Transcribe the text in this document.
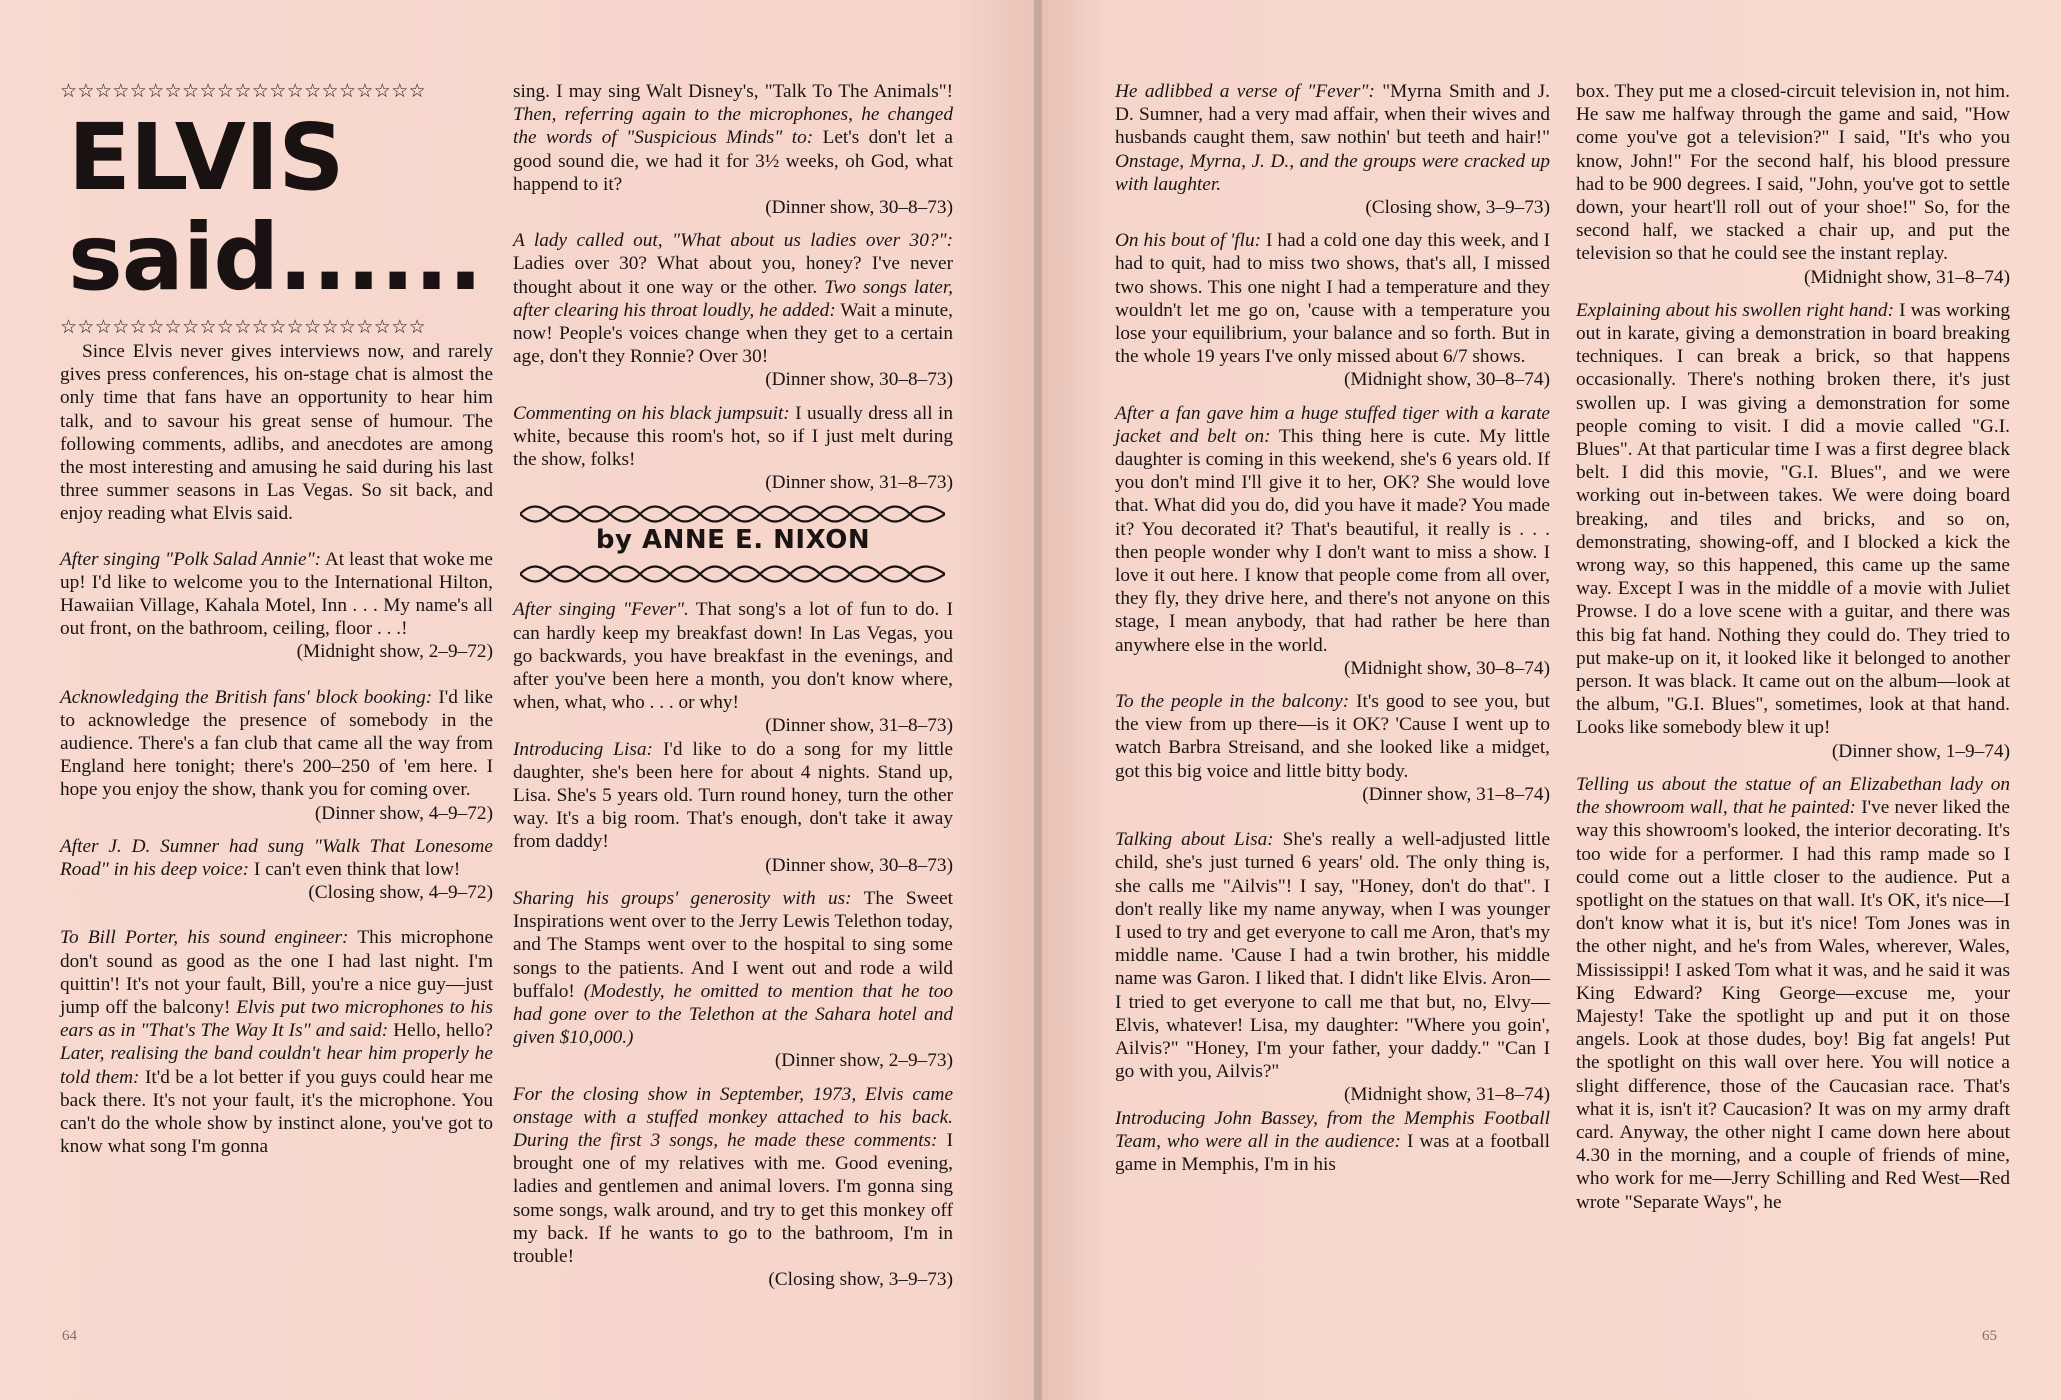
☆☆☆☆☆☆☆☆☆☆☆☆☆☆☆☆☆☆☆☆☆
ELVIS
said......
☆☆☆☆☆☆☆☆☆☆☆☆☆☆☆☆☆☆☆☆☆

Since Elvis never gives interviews now, and rarely gives press conferences, his on-stage chat is almost the only time that fans have an opportunity to hear him talk, and to savour his great sense of humour. The following comments, adlibs, and anecdotes are among the most interesting and amusing he said during his last three summer seasons in Las Vegas. So sit back, and enjoy reading what Elvis said.

After singing "Polk Salad Annie": At least that woke me up! I'd like to welcome you to the International Hilton, Hawaiian Village, Kahala Motel, Inn . . . My name's all out front, on the bathroom, ceiling, floor . . .!

(Midnight show, 2–9–72)

Acknowledging the British fans' block booking: I'd like to acknowledge the presence of somebody in the audience. There's a fan club that came all the way from England here tonight; there's 200–250 of 'em here. I hope you enjoy the show, thank you for coming over.

(Dinner show, 4–9–72)

After J. D. Sumner had sung "Walk That Lonesome Road" in his deep voice: I can't even think that low!

(Closing show, 4–9–72)

To Bill Porter, his sound engineer: This microphone don't sound as good as the one I had last night. I'm quittin'! It's not your fault, Bill, you're a nice guy—just jump off the balcony! Elvis put two microphones to his ears as in "That's The Way It Is" and said: Hello, hello? Later, realising the band couldn't hear him properly he told them: It'd be a lot better if you guys could hear me back there. It's not your fault, it's the microphone. You can't do the whole show by instinct alone, you've got to know what song I'm gonna

sing. I may sing Walt Disney's, "Talk To The Animals"! Then, referring again to the microphones, he changed the words of "Suspicious Minds" to: Let's don't let a good sound die, we had it for 3½ weeks, oh God, what happend to it?

(Dinner show, 30–8–73)

A lady called out, "What about us ladies over 30?": Ladies over 30? What about you, honey? I've never thought about it one way or the other. Two songs later, after clearing his throat loudly, he added: Wait a minute, now! People's voices change when they get to a certain age, don't they Ronnie? Over 30!

(Dinner show, 30–8–73)

Commenting on his black jumpsuit: I usually dress all in white, because this room's hot, so if I just melt during the show, folks!

(Dinner show, 31–8–73)

After singing "Fever". That song's a lot of fun to do. I can hardly keep my breakfast down! In Las Vegas, you go backwards, you have breakfast in the evenings, and after you've been here a month, you don't know where, when, what, who . . . or why!

(Dinner show, 31–8–73)

Introducing Lisa: I'd like to do a song for my little daughter, she's been here for about 4 nights. Stand up, Lisa. She's 5 years old. Turn round honey, turn the other way. It's a big room. That's enough, don't take it away from daddy!

(Dinner show, 30–8–73)

Sharing his groups' generosity with us: The Sweet Inspirations went over to the Jerry Lewis Telethon today, and The Stamps went over to the hospital to sing some songs to the patients. And I went out and rode a wild buffalo! (Modestly, he omitted to mention that he too had gone over to the Telethon at the Sahara hotel and given $10,000.)

(Dinner show, 2–9–73)

For the closing show in September, 1973, Elvis came onstage with a stuffed monkey attached to his back. During the first 3 songs, he made these comments: I brought one of my relatives with me. Good evening, ladies and gentlemen and animal lovers. I'm gonna sing some songs, walk around, and try to get this monkey off my back. If he wants to go to the bathroom, I'm in trouble!

(Closing show, 3–9–73)
by ANNE E. NIXON

He adlibbed a verse of "Fever": "Myrna Smith and J. D. Sumner, had a very mad affair, when their wives and husbands caught them, saw nothin' but teeth and hair!" Onstage, Myrna, J. D., and the groups were cracked up with laughter.

(Closing show, 3–9–73)

On his bout of 'flu: I had a cold one day this week, and I had to quit, had to miss two shows, that's all, I missed two shows. This one night I had a temperature and they wouldn't let me go on, 'cause with a temperature you lose your equilibrium, your balance and so forth. But in the whole 19 years I've only missed about 6/7 shows.

(Midnight show, 30–8–74)

After a fan gave him a huge stuffed tiger with a karate jacket and belt on: This thing here is cute. My little daughter is coming in this weekend, she's 6 years old. If you don't mind I'll give it to her, OK? She would love that. What did you do, did you have it made? You made it? You decorated it? That's beautiful, it really is . . . then people wonder why I don't want to miss a show. I love it out here. I know that people come from all over, they fly, they drive here, and there's not anyone on this stage, I mean anybody, that had rather be here than anywhere else in the world.

(Midnight show, 30–8–74)

To the people in the balcony: It's good to see you, but the view from up there—is it OK? 'Cause I went up to watch Barbra Streisand, and she looked like a midget, got this big voice and little bitty body.

(Dinner show, 31–8–74)

Talking about Lisa: She's really a well-adjusted little child, she's just turned 6 years' old. The only thing is, she calls me "Ailvis"! I say, "Honey, don't do that". I don't really like my name anyway, when I was younger I used to try and get everyone to call me Aron, that's my middle name. 'Cause I had a twin brother, his middle name was Garon. I liked that. I didn't like Elvis. Aron—I tried to get everyone to call me that but, no, Elvy—Elvis, whatever! Lisa, my daughter: "Where you goin', Ailvis?" "Honey, I'm your father, your daddy." "Can I go with you, Ailvis?"

(Midnight show, 31–8–74)

Introducing John Bassey, from the Memphis Football Team, who were all in the audience: I was at a football game in Memphis, I'm in his

box. They put me a closed-circuit television in, not him. He saw me halfway through the game and said, "How come you've got a television?" I said, "It's who you know, John!" For the second half, his blood pressure had to be 900 degrees. I said, "John, you've got to settle down, your heart'll roll out of your shoe!" So, for the second half, we stacked a chair up, and put the television so that he could see the instant replay.

(Midnight show, 31–8–74)

Explaining about his swollen right hand: I was working out in karate, giving a demonstration in board breaking techniques. I can break a brick, so that happens occasionally. There's nothing broken there, it's just swollen up. I was giving a demonstration for some people coming to visit. I did a movie called "G.I. Blues". At that particular time I was a first degree black belt. I did this movie, "G.I. Blues", and we were working out in-between takes. We were doing board breaking, and tiles and bricks, and so on, demonstrating, showing-off, and I blocked a kick the wrong way, so this happened, this came up the same way. Except I was in the middle of a movie with Juliet Prowse. I do a love scene with a guitar, and there was this big fat hand. Nothing they could do. They tried to put make-up on it, it looked like it belonged to another person. It was black. It came out on the album—look at the album, "G.I. Blues", sometimes, look at that hand. Looks like somebody blew it up!

(Dinner show, 1–9–74)

Telling us about the statue of an Elizabethan lady on the showroom wall, that he painted: I've never liked the way this showroom's looked, the interior decorating. It's too wide for a performer. I had this ramp made so I could come out a little closer to the audience. Put a spotlight on the statues on that wall. It's OK, it's nice—I don't know what it is, but it's nice! Tom Jones was in the other night, and he's from Wales, wherever, Wales, Mississippi! I asked Tom what it was, and he said it was King Edward? King George—excuse me, your Majesty! Take the spotlight up and put it on those angels. Look at those dudes, boy! Big fat angels! Put the spotlight on this wall over here. You will notice a slight difference, those of the Caucasian race. That's what it is, isn't it? Caucasion? It was on my army draft card. Anyway, the other night I came down here about 4.30 in the morning, and a couple of friends of mine, who work for me—Jerry Schilling and Red West—Red wrote "Separate Ways", he

64	65
